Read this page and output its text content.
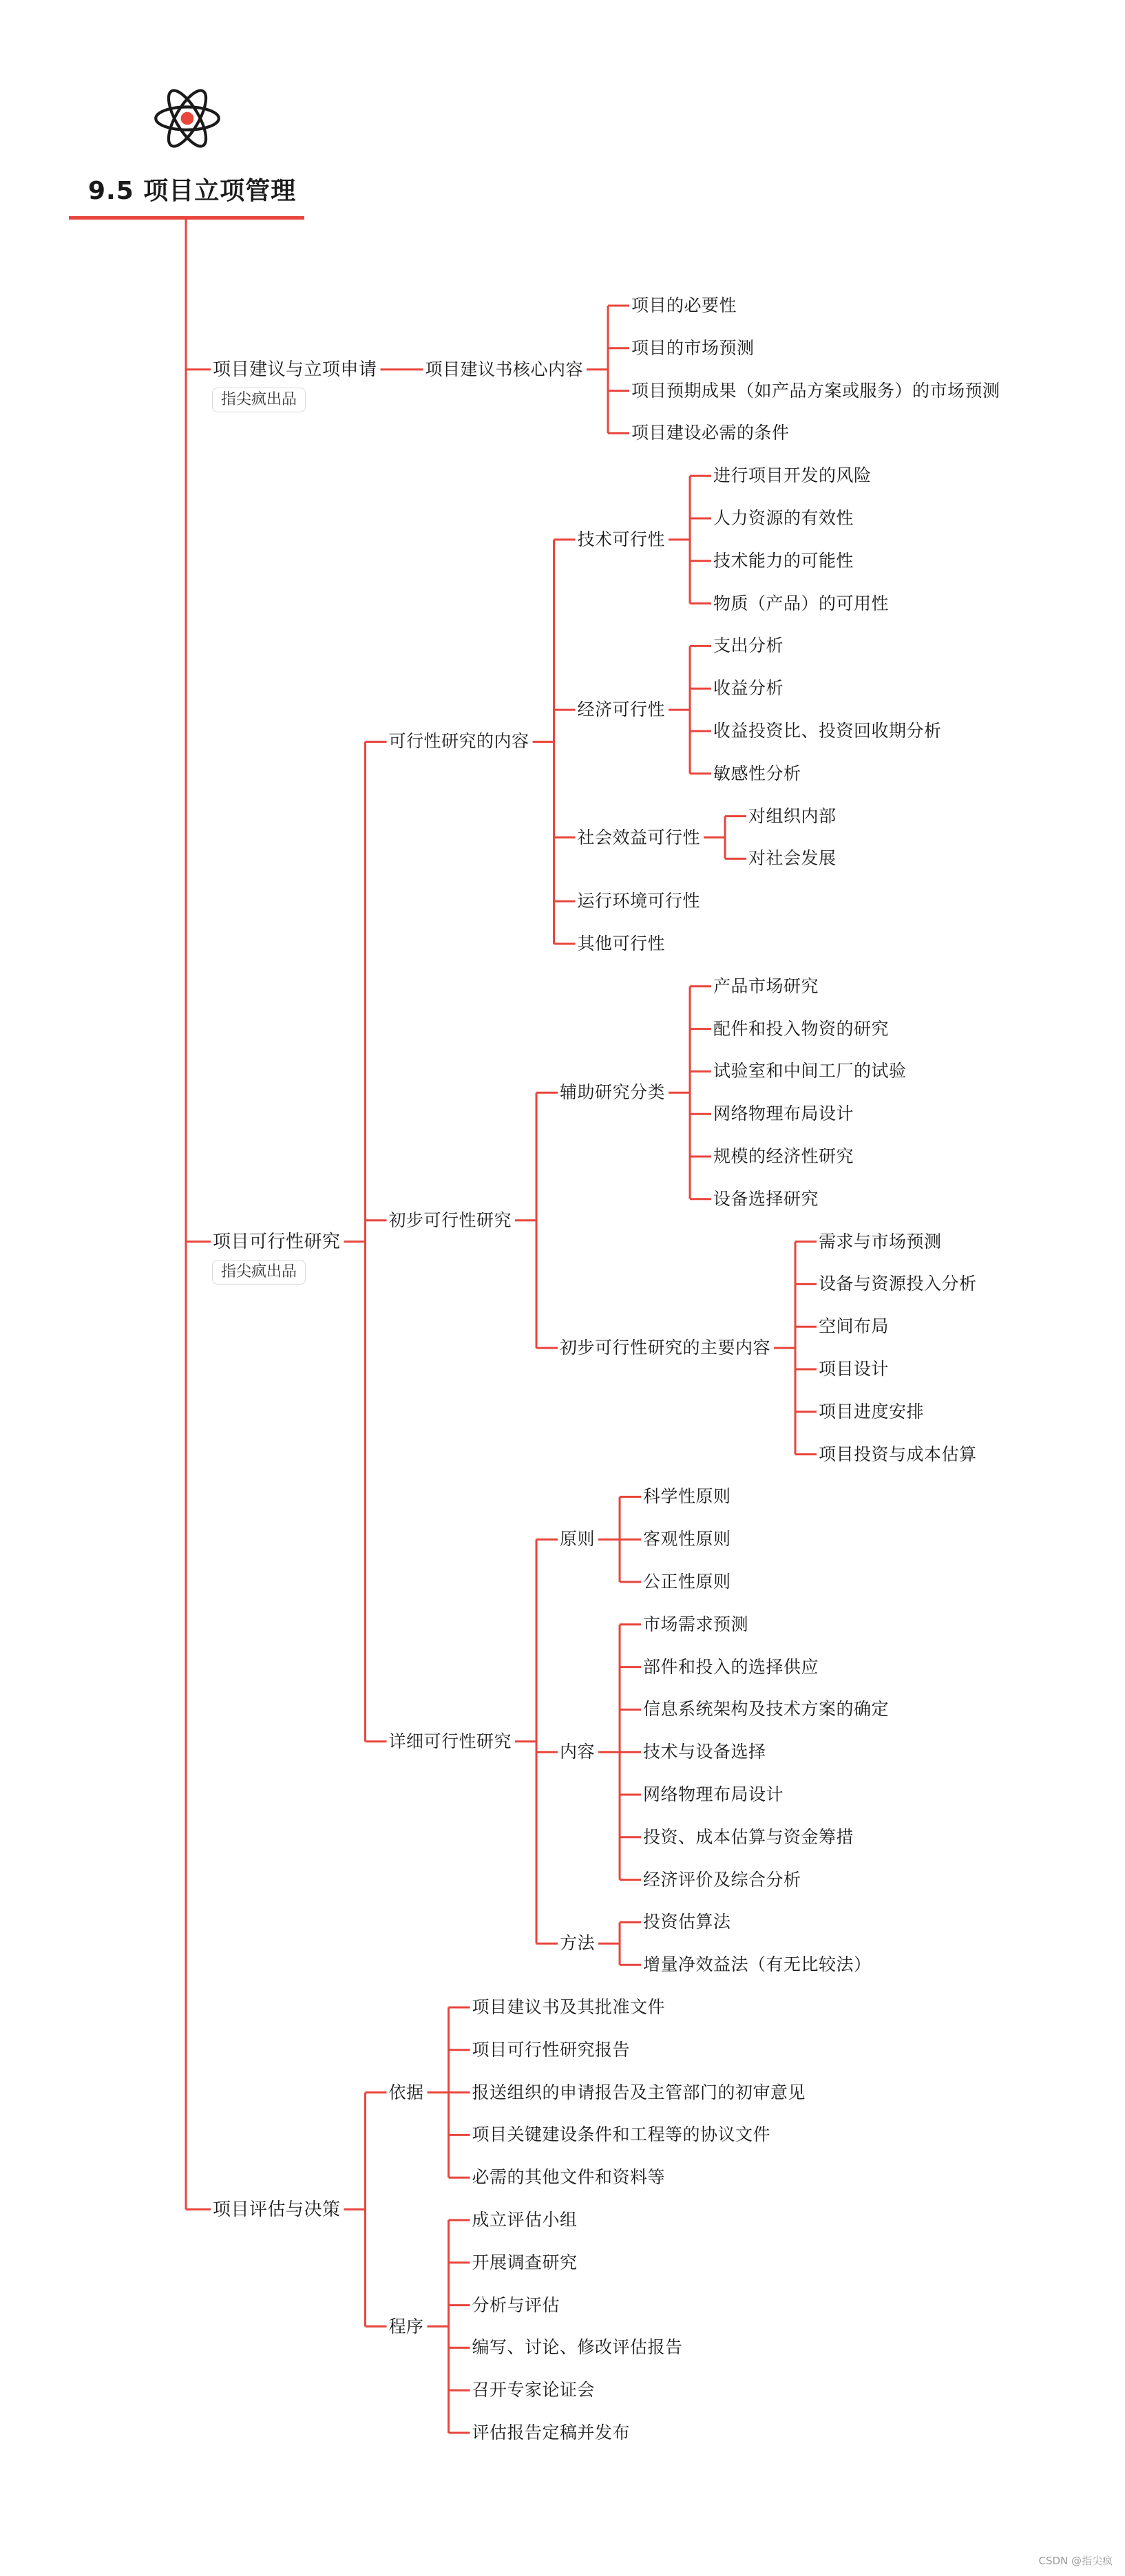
9.5 项目立项管理
CSDN @指尖疯
项目建议与立项申请
指尖疯出品
项目建议书核心内容
项目的必要性
项目的市场预测
项目预期成果（如产品方案或服务）的市场预测
项目建设必需的条件
项目可行性研究
指尖疯出品
可行性研究的内容
技术可行性
进行项目开发的风险
人力资源的有效性
技术能力的可能性
物质（产品）的可用性
经济可行性
支出分析
收益分析
收益投资比、投资回收期分析
敏感性分析
社会效益可行性
对组织内部
对社会发展
运行环境可行性
其他可行性
初步可行性研究
辅助研究分类
产品市场研究
配件和投入物资的研究
试验室和中间工厂的试验
网络物理布局设计
规模的经济性研究
设备选择研究
初步可行性研究的主要内容
需求与市场预测
设备与资源投入分析
空间布局
项目设计
项目进度安排
项目投资与成本估算
详细可行性研究
原则
科学性原则
客观性原则
公正性原则
内容
市场需求预测
部件和投入的选择供应
信息系统架构及技术方案的确定
技术与设备选择
网络物理布局设计
投资、成本估算与资金筹措
经济评价及综合分析
方法
投资估算法
增量净效益法（有无比较法）
项目评估与决策
依据
项目建议书及其批准文件
项目可行性研究报告
报送组织的申请报告及主管部门的初审意见
项目关键建设条件和工程等的协议文件
必需的其他文件和资料等
程序
成立评估小组
开展调查研究
分析与评估
编写、讨论、修改评估报告
召开专家论证会
评估报告定稿并发布
